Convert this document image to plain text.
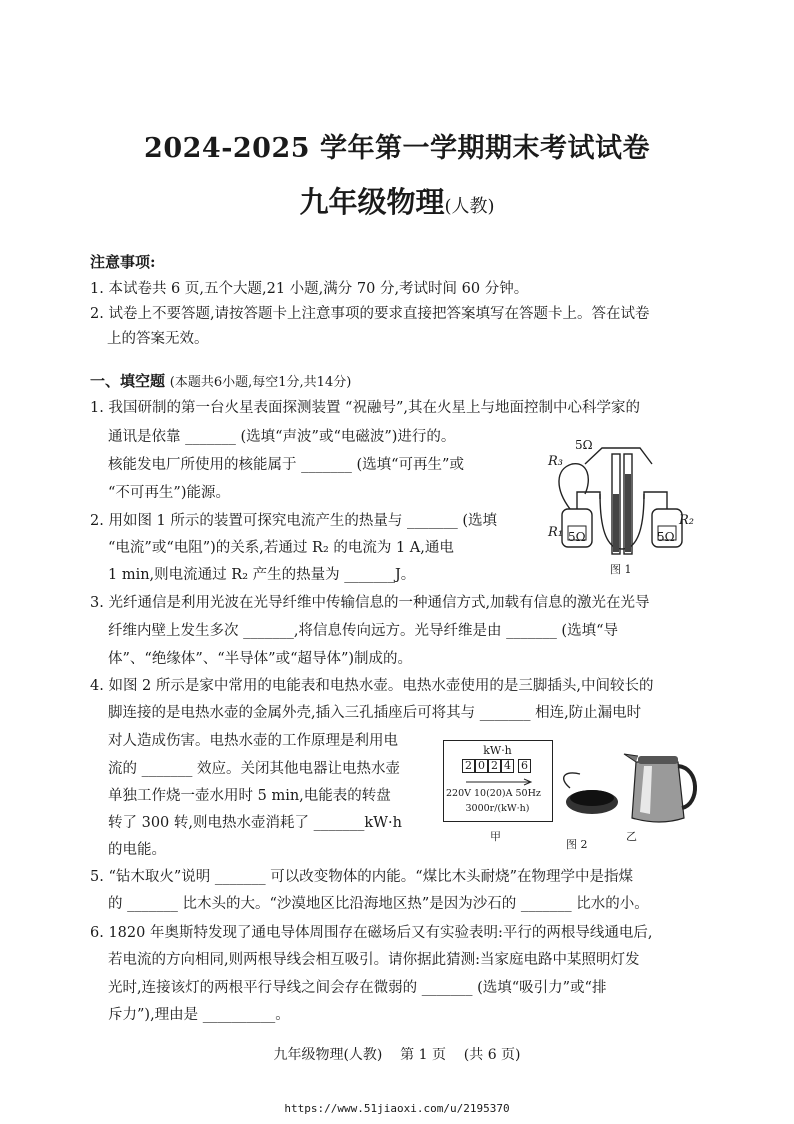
2024-2025 学年第一学期期末考试试卷
九年级物理(人教)
注意事项:
1. 本试卷共 6 页,五个大题,21 小题,满分 70 分,考试时间 60 分钟。
2. 试卷上不要答题,请按答题卡上注意事项的要求直接把答案填写在答题卡上。答在试卷
上的答案无效。
一、填空题 (本题共6小题,每空1分,共14分)
1. 我国研制的第一台火星表面探测装置 “祝融号”,其在火星上与地面控制中心科学家的
通讯是依靠 _______ (选填“声波”或“电磁波”)进行的。
核能发电厂所使用的核能属于 _______ (选填“可再生”或
“不可再生”)能源。
2. 用如图 1 所示的装置可探究电流产生的热量与 _______ (选填
“电流”或“电阻”)的关系,若通过 R₂ 的电流为 1 A,通电
1 min,则电流通过 R₂ 产生的热量为 _______J。
3. 光纤通信是利用光波在光导纤维中传输信息的一种通信方式,加载有信息的激光在光导
纤维内壁上发生多次 _______,将信息传向远方。光导纤维是由 _______ (选填“导
体”、“绝缘体”、“半导体”或“超导体”)制成的。
4. 如图 2 所示是家中常用的电能表和电热水壶。电热水壶使用的是三脚插头,中间较长的
脚连接的是电热水壶的金属外壳,插入三孔插座后可将其与 _______ 相连,防止漏电时
对人造成伤害。电热水壶的工作原理是利用电
流的 _______ 效应。关闭其他电器让电热水壶
单独工作烧一壶水用时 5 min,电能表的转盘
转了 300 转,则电热水壶消耗了 _______kW·h
的电能。
5. “钻木取火”说明 _______ 可以改变物体的内能。“煤比木头耐烧”在物理学中是指煤
的 _______ 比木头的大。“沙漠地区比沿海地区热”是因为沙石的 _______ 比水的小。
6. 1820 年奥斯特发现了通电导体周围存在磁场后又有实验表明:平行的两根导线通电后,
若电流的方向相同,则两根导线会相互吸引。请你据此猜测:当家庭电路中某照明灯发
光时,连接该灯的两根平行导线之间会存在微弱的 _______ (选填“吸引力”或“排
斥力”),理由是 __________。
5Ω
R₃
R₁
R₂
5Ω	5Ω
图 1
kW·h
2 0 2 4 6
220V 10(20)A 50Hz
3000r/(kW·h)
甲
图 2
乙
九年级物理(人教)    第 1 页    (共 6 页)
https://www.51jiaoxi.com/u/2195370
